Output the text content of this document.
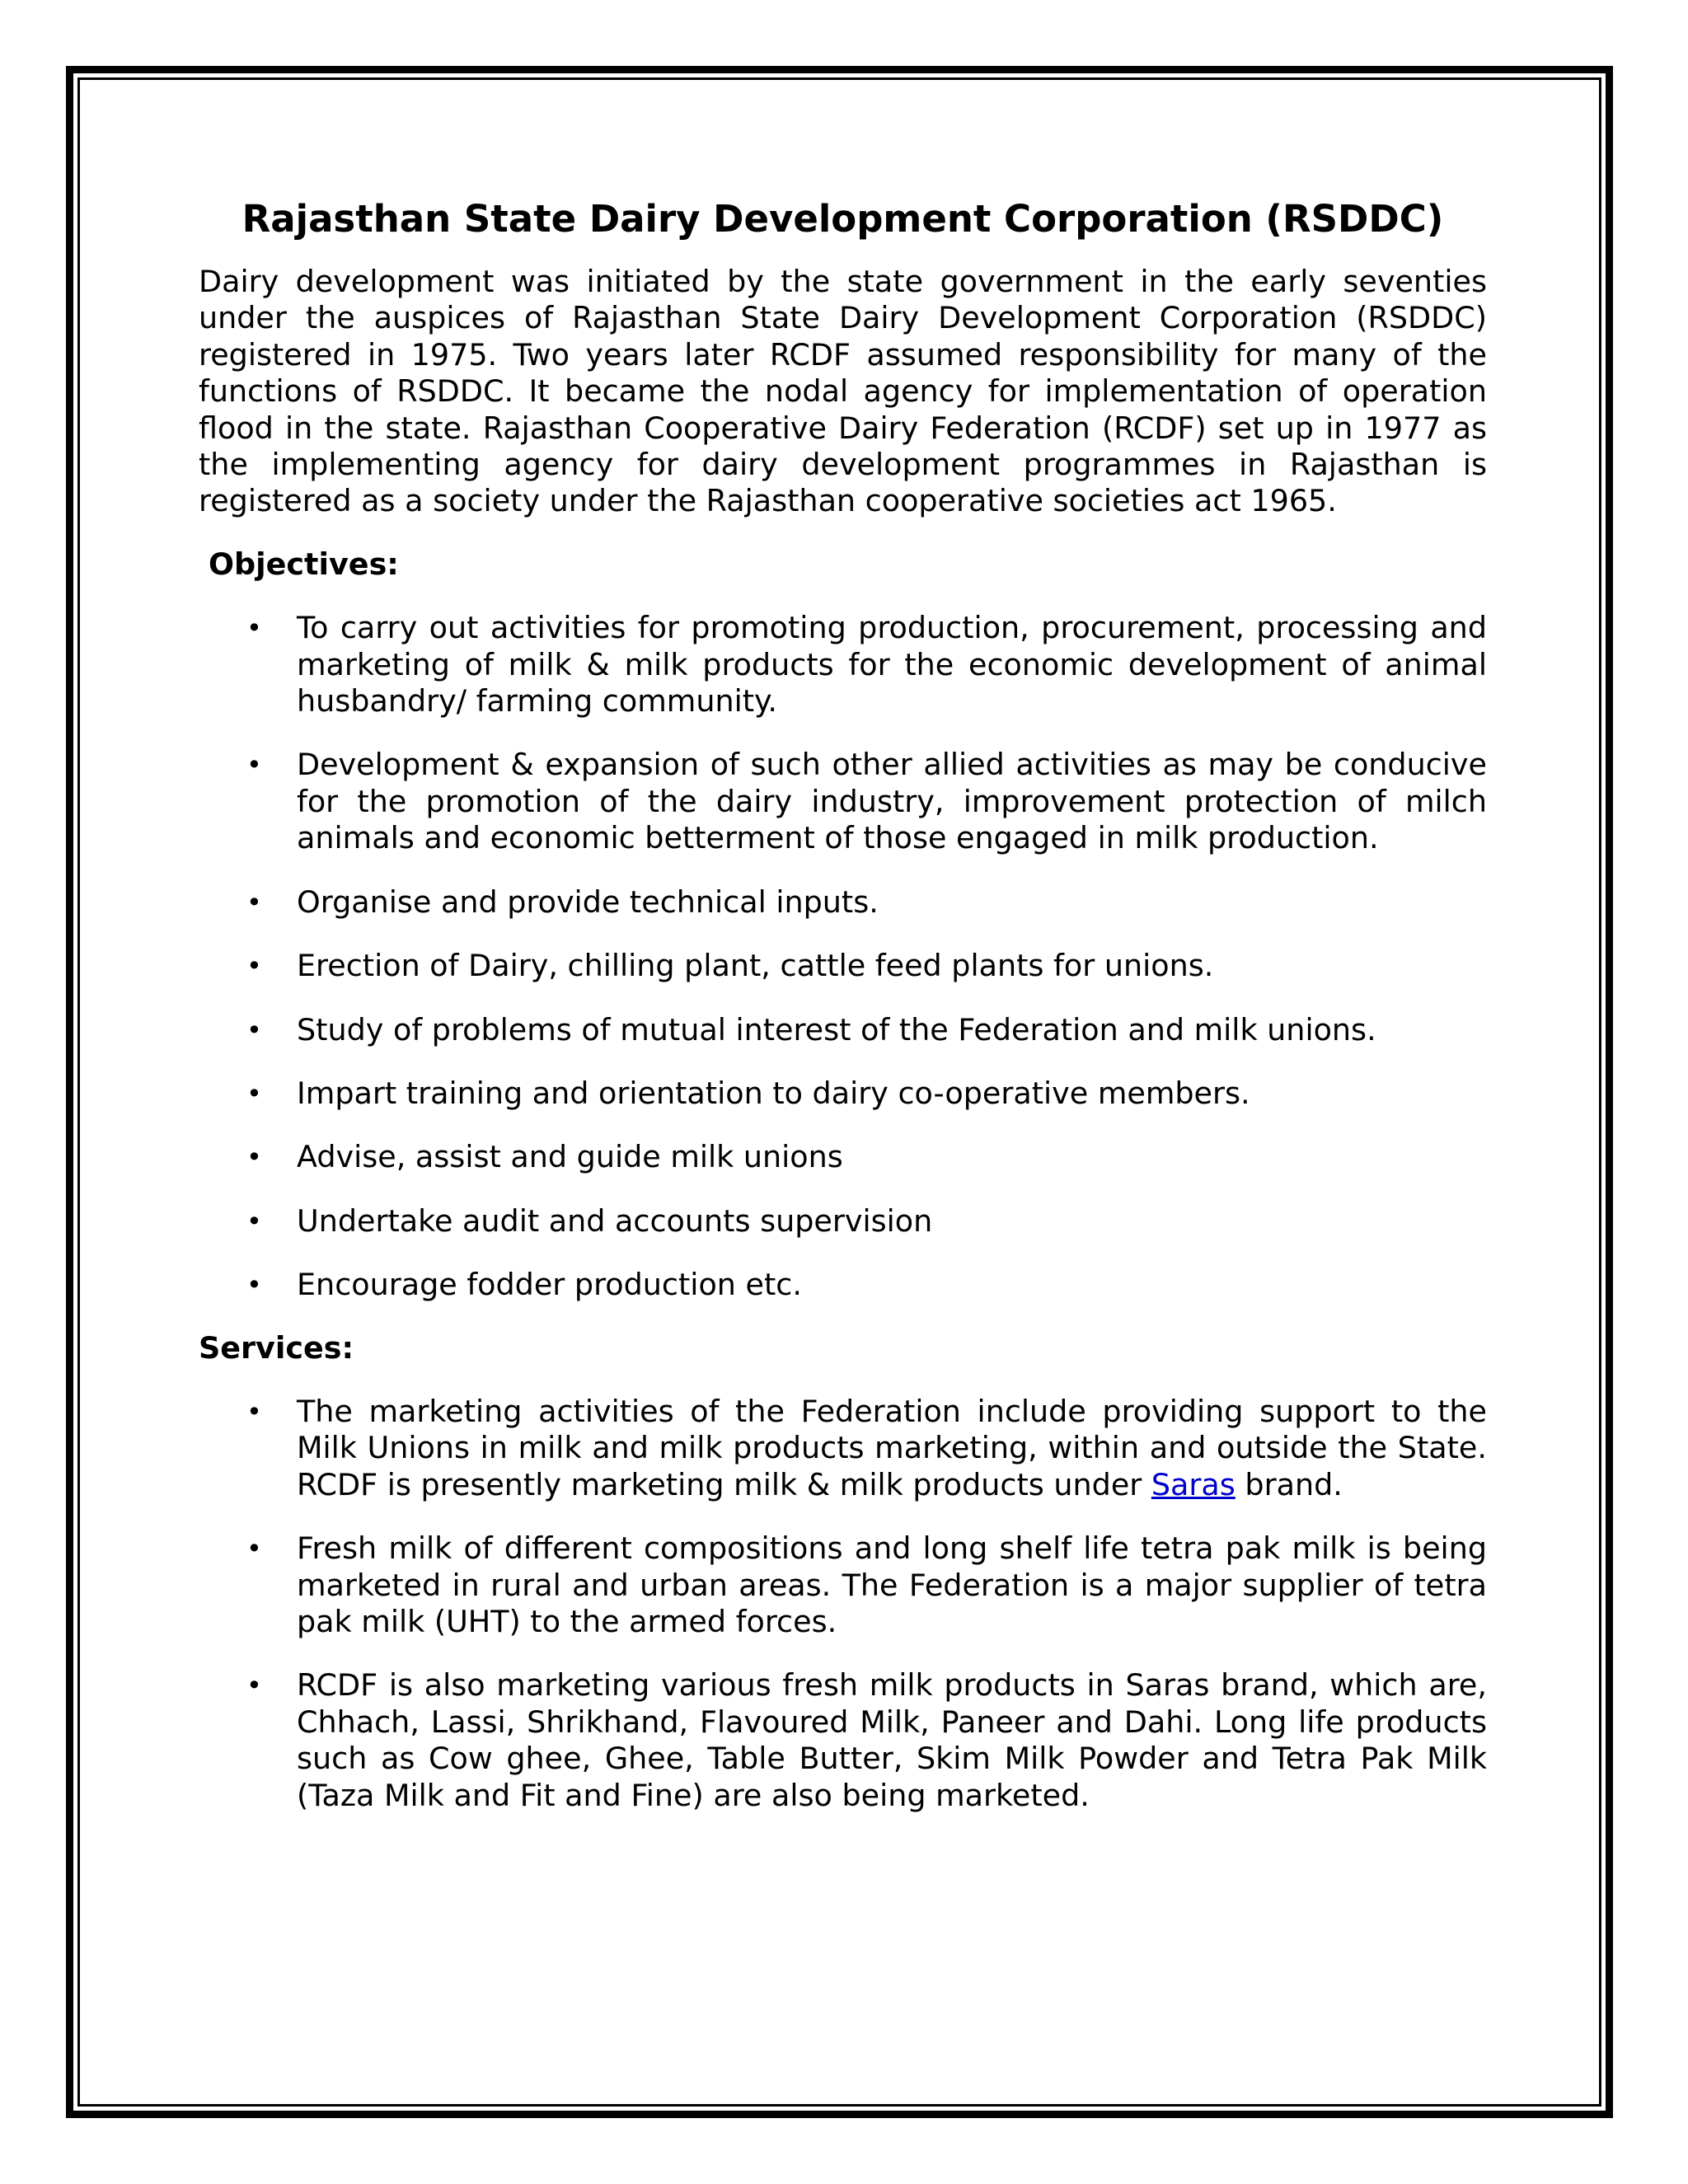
Rajasthan State Dairy Development Corporation (RSDDC)

Dairy development was initiated by the state government in the early seventies under the auspices of Rajasthan State Dairy Development Corporation (RSDDC) registered in 1975. Two years later RCDF assumed responsibility for many of the functions of RSDDC. It became the nodal agency for implementation of operation flood in the state. Rajasthan Cooperative Dairy Federation (RCDF) set up in 1977 as the implementing agency for dairy development programmes in Rajasthan is registered as a society under the Rajasthan cooperative societies act 1965.

Objectives:

• To carry out activities for promoting production, procurement, processing and marketing of milk & milk products for the economic development of animal husbandry/ farming community.
• Development & expansion of such other allied activities as may be conducive for the promotion of the dairy industry, improvement protection of milch animals and economic betterment of those engaged in milk production.
• Organise and provide technical inputs.
• Erection of Dairy, chilling plant, cattle feed plants for unions.
• Study of problems of mutual interest of the Federation and milk unions.
• Impart training and orientation to dairy co-operative members.
• Advise, assist and guide milk unions
• Undertake audit and accounts supervision
• Encourage fodder production etc.

Services:

• The marketing activities of the Federation include providing support to the Milk Unions in milk and milk products marketing, within and outside the State. RCDF is presently marketing milk & milk products under Saras brand.
• Fresh milk of different compositions and long shelf life tetra pak milk is being marketed in rural and urban areas. The Federation is a major supplier of tetra pak milk (UHT) to the armed forces.
• RCDF is also marketing various fresh milk products in Saras brand, which are, Chhach, Lassi, Shrikhand, Flavoured Milk, Paneer and Dahi. Long life products such as Cow ghee, Ghee, Table Butter, Skim Milk Powder and Tetra Pak Milk (Taza Milk and Fit and Fine) are also being marketed.
